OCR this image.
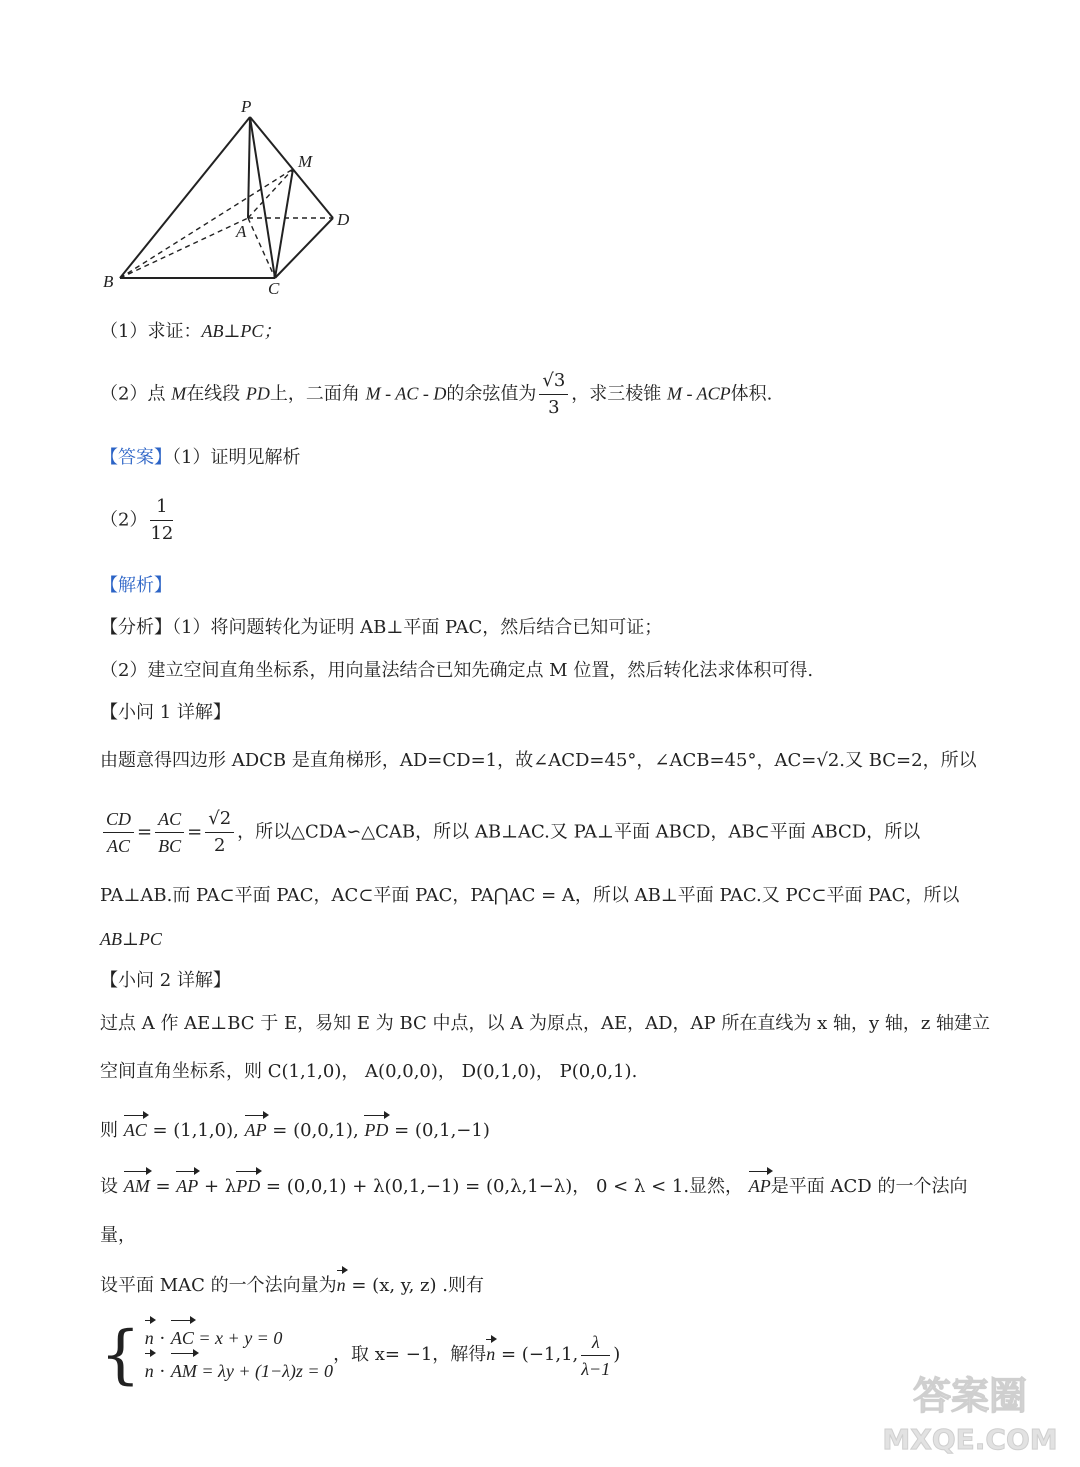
P
M
A
D
B	C
（1）求证：AB⊥PC；
（2）点 M在线段 PD上，二面角 M - AC - D的余弦值为 $\frac{√3}{3}$ ，求三棱锥 M - ACP体积.
【答案】（1）证明见解析
$(2) \frac{1}{12}$
【解析】
【分析】（1）将问题转化为证明 AB⊥平面 PAC，然后结合已知可证；
（2）建立空间直角坐标系，用向量法结合已知先确定点 M 位置，然后转化法求体积可得.
【小问 1 详解】
由题意得四边形 ADCB 是直角梯形，AD=CD=1，故∠ACD=45°，∠ACB=45°，AC=√2.又 BC=2，所以
$\frac{CD}{AC} = \frac{AC}{BC} = \frac{√2}{2}$ ，所以△CDA∽△CAB，所以 AB⊥AC.又 PA⊥平面 ABCD，AB⊂平面 ABCD，所以
PA⊥AB.而 PA⊂平面 PAC，AC⊂平面 PAC，PA⋂AC = A，所以 AB⊥平面 PAC.又 PC⊂平面 PAC，所以
AB⊥PC
【小问 2 详解】
过点 A 作 AE⊥BC 于 E，易知 E 为 BC 中点，以 A 为原点，AE，AD，AP 所在直线为 x 轴，y 轴，z 轴建立
空间直角坐标系，则 C(1,1,0)， A(0,0,0)， D(0,1,0)， P(0,0,1).
则 AC = (1,1,0), AP = (0,0,1), PD = (0,1,−1)
设 AM = AP + λPD = (0,0,1) + λ(0,1,−1) = (0,λ,1−λ)， 0 < λ < 1.显然， AP是平面 ACD 的一个法向
量，
设平面 MAC 的一个法向量为n = (x, y, z) .则有
{ n · AC = x + y = 0
n · AM = λy + (1−λ)z = 0
，取 x= −1，解得n = (−1,1, $\frac{\lambda}{\lambda-1}$ )
答案圈
MXQE.COM
